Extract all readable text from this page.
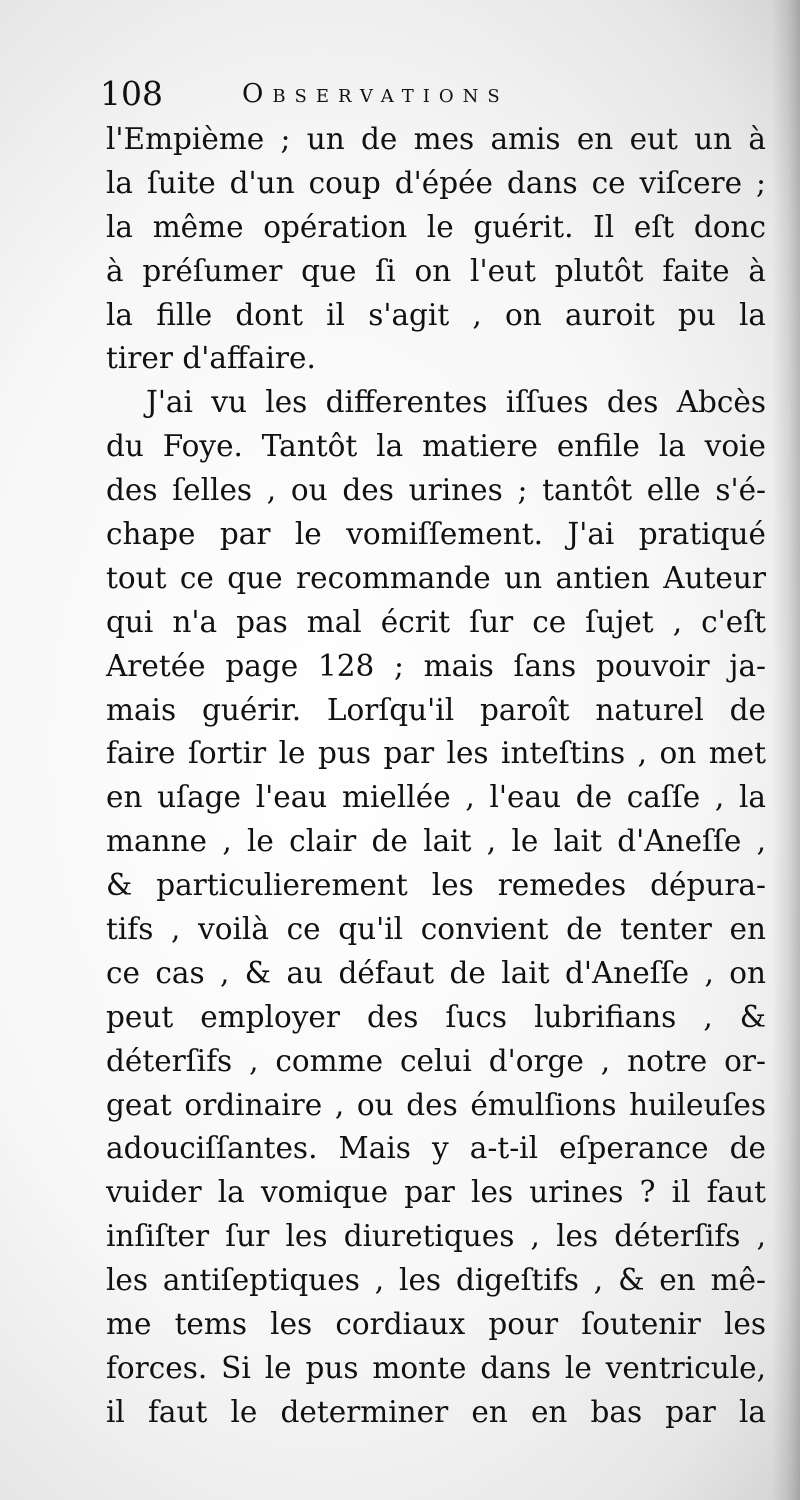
108	Observations
l'Empième ; un de mes amis en eut un à
la ſuite d'un coup d'épée dans ce viſcere ;
la même opération le guérit. Il eſt donc
à préſumer que ſi on l'eut plutôt faite à
la fille dont il s'agit , on auroit pu la
tirer d'affaire.
J'ai vu les differentes iſſues des Abcès
du Foye. Tantôt la matiere enfile la voie
des ſelles , ou des urines ; tantôt elle s'é-
chape par le vomiſſement. J'ai pratiqué
tout ce que recommande un antien Auteur
qui n'a pas mal écrit ſur ce ſujet , c'eſt
Aretée page 128 ; mais ſans pouvoir ja-
mais guérir. Lorſqu'il paroît naturel de
faire ſortir le pus par les inteſtins , on met
en uſage l'eau miellée , l'eau de caſſe , la
manne , le clair de lait , le lait d'Aneſſe ,
& particulierement les remedes dépura-
tifs , voilà ce qu'il convient de tenter en
ce cas , & au défaut de lait d'Aneſſe , on
peut employer des ſucs lubrifians , &
déterſifs , comme celui d'orge , notre or-
geat ordinaire , ou des émulſions huileuſes
adouciſſantes. Mais y a-t-il eſperance de
vuider la vomique par les urines ? il faut
inſiſter ſur les diuretiques , les déterſifs ,
les antiſeptiques , les digeſtifs , & en mê-
me tems les cordiaux pour ſoutenir les
forces. Si le pus monte dans le ventricule,
il faut le determiner en en bas par la
